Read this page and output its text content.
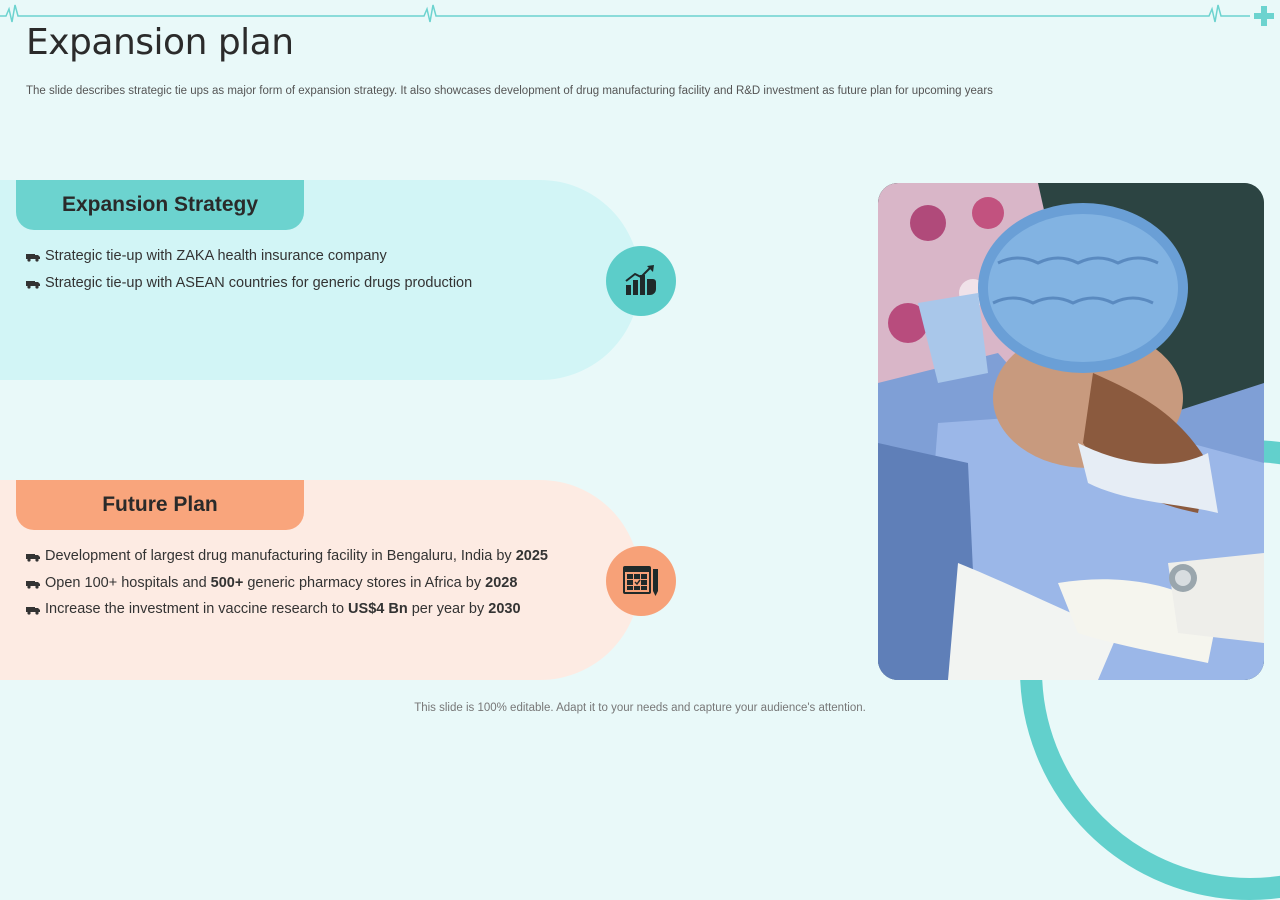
Expansion plan
The slide describes strategic tie ups as major form of expansion strategy. It also showcases development of drug manufacturing facility and R&D investment as future plan for upcoming years
Expansion Strategy
Strategic tie-up with ZAKA health insurance company
Strategic tie-up with ASEAN countries for generic drugs production
Future Plan
Development of largest drug manufacturing facility in Bengaluru, India by 2025
Open 100+ hospitals and 500+ generic pharmacy stores in Africa by 2028
Increase the investment in vaccine research to US$4 Bn per year by 2030
This slide is 100% editable. Adapt it to your needs and capture your audience's attention.
